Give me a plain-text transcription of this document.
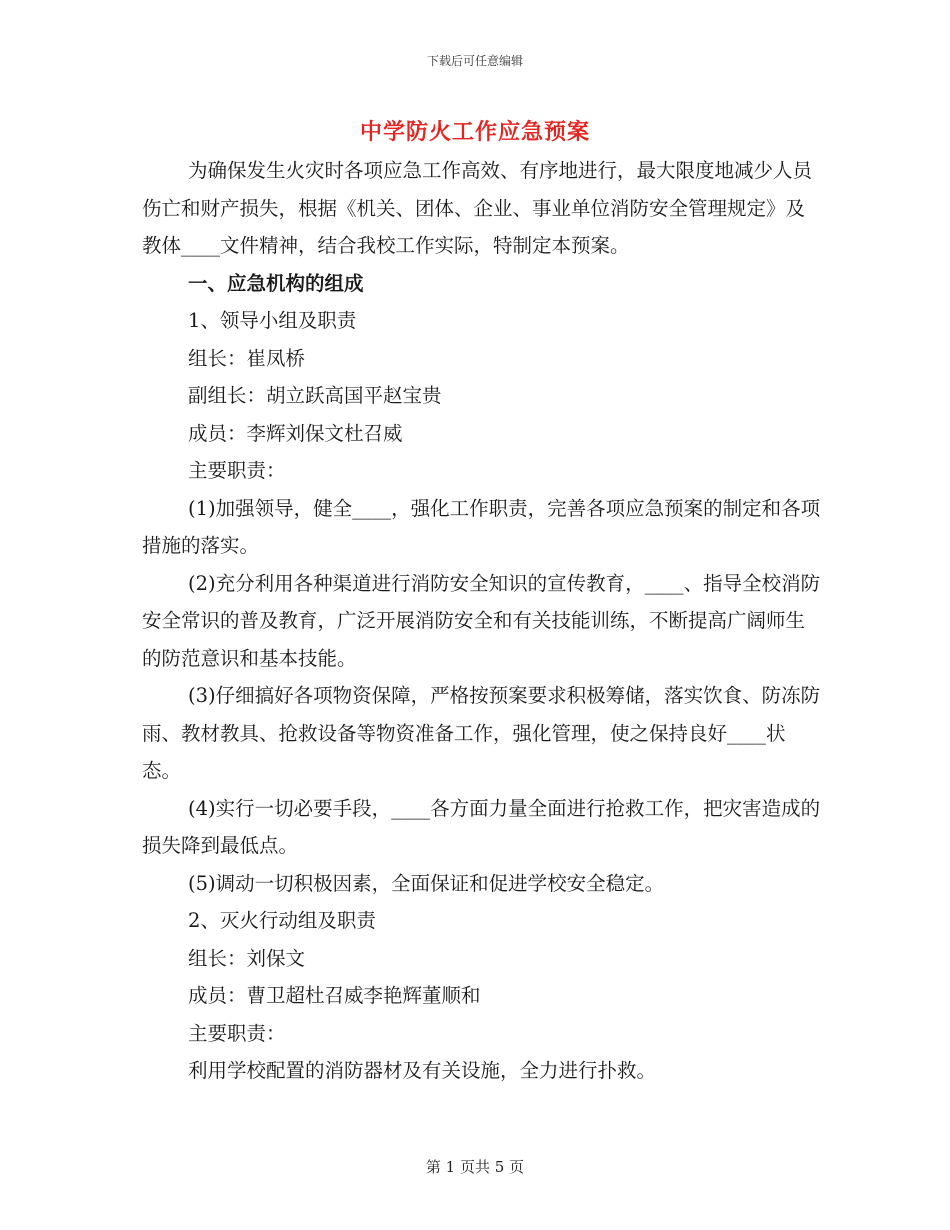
下载后可任意编辑
中学防火工作应急预案

为确保发生火灾时各项应急工作高效、有序地进行，最大限度地减少人员伤亡和财产损失，根据《机关、团体、企业、事业单位消防安全管理规定》及教体____文件精神，结合我校工作实际，特制定本预案。

一、应急机构的组成

1、领导小组及职责

组长：崔凤桥

副组长：胡立跃高国平赵宝贵

成员：李辉刘保文杜召威

主要职责：

(1)加强领导，健全____，强化工作职责，完善各项应急预案的制定和各项措施的落实。

(2)充分利用各种渠道进行消防安全知识的宣传教育，____、指导全校消防安全常识的普及教育，广泛开展消防安全和有关技能训练，不断提高广阔师生的防范意识和基本技能。

(3)仔细搞好各项物资保障，严格按预案要求积极筹储，落实饮食、防冻防雨、教材教具、抢救设备等物资准备工作，强化管理，使之保持良好____状态。

(4)实行一切必要手段，____各方面力量全面进行抢救工作，把灾害造成的损失降到最低点。

(5)调动一切积极因素，全面保证和促进学校安全稳定。

2、灭火行动组及职责

组长：刘保文

成员：曹卫超杜召威李艳辉董顺和

主要职责：

利用学校配置的消防器材及有关设施，全力进行扑救。

第 1 页共 5 页
